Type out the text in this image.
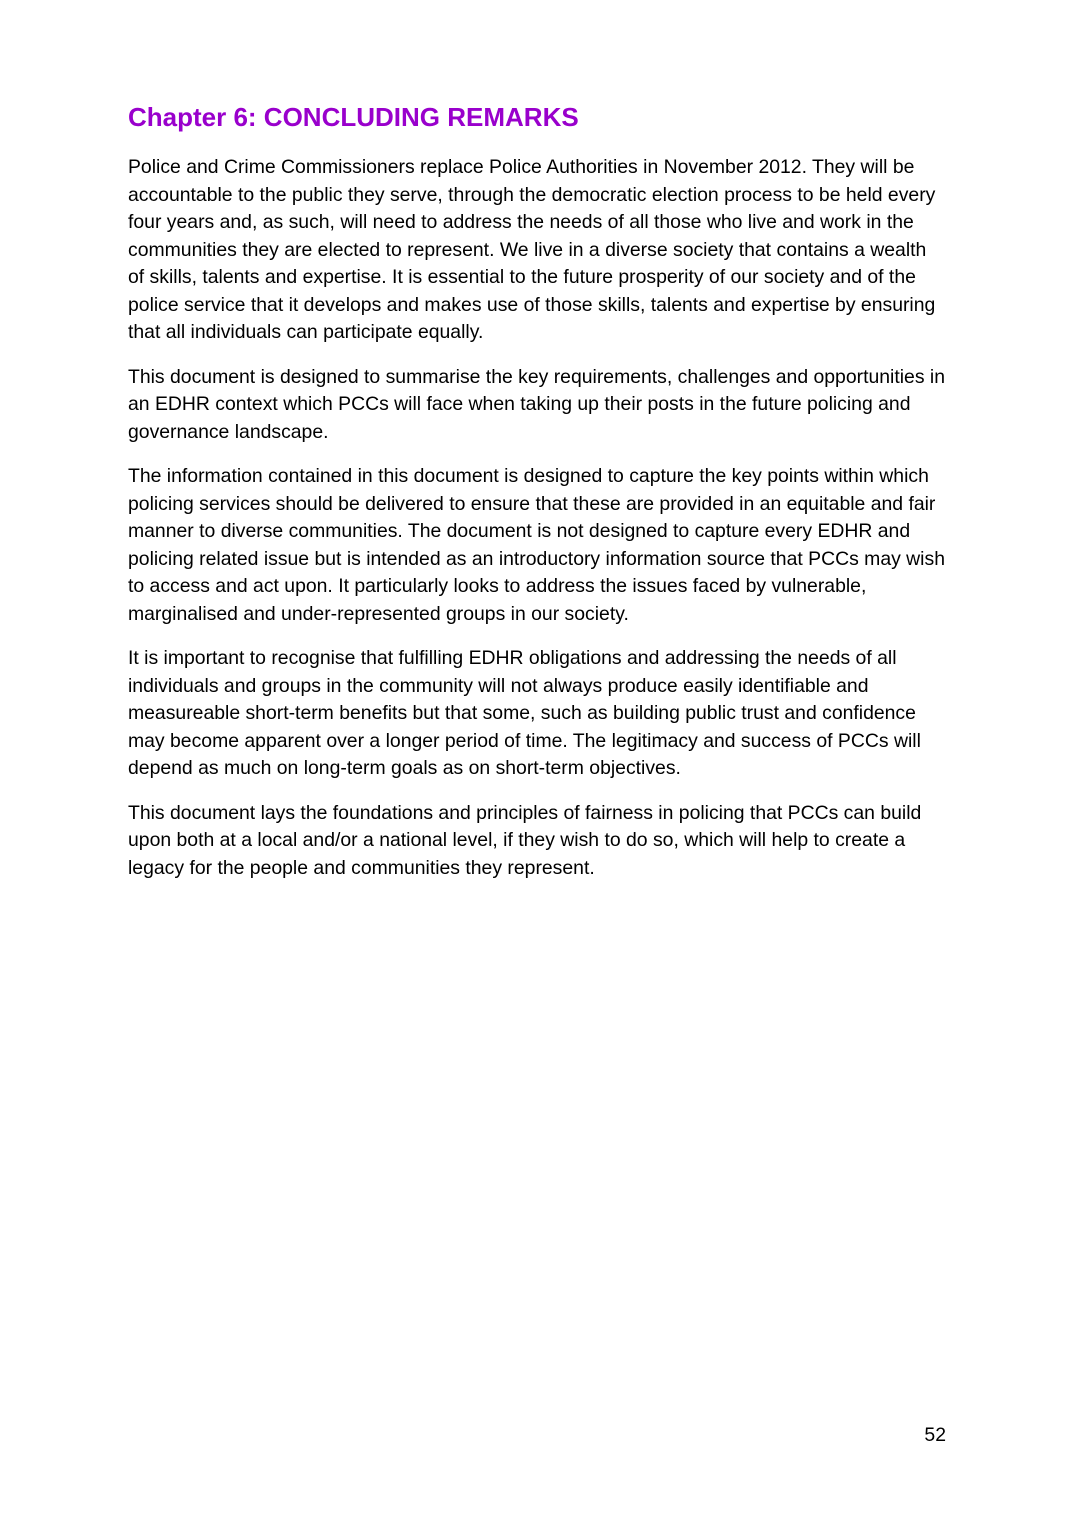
Chapter 6: CONCLUDING REMARKS

Police and Crime Commissioners replace Police Authorities in November 2012. They will be accountable to the public they serve, through the democratic election process to be held every four years and, as such, will need to address the needs of all those who live and work in the communities they are elected to represent. We live in a diverse society that contains a wealth of skills, talents and expertise. It is essential to the future prosperity of our society and of the police service that it develops and makes use of those skills, talents and expertise by ensuring that all individuals can participate equally.

This document is designed to summarise the key requirements, challenges and opportunities in an EDHR context which PCCs will face when taking up their posts in the future policing and governance landscape.

The information contained in this document is designed to capture the key points within which policing services should be delivered to ensure that these are provided in an equitable and fair manner to diverse communities. The document is not designed to capture every EDHR and policing related issue but is intended as an introductory information source that PCCs may wish to access and act upon. It particularly looks to address the issues faced by vulnerable, marginalised and under-represented groups in our society.

It is important to recognise that fulfilling EDHR obligations and addressing the needs of all individuals and groups in the community will not always produce easily identifiable and measureable short-term benefits but that some, such as building public trust and confidence may become apparent over a longer period of time. The legitimacy and success of PCCs will depend as much on long-term goals as on short-term objectives.

This document lays the foundations and principles of fairness in policing that PCCs can build upon both at a local and/or a national level, if they wish to do so, which will help to create a legacy for the people and communities they represent.

52
